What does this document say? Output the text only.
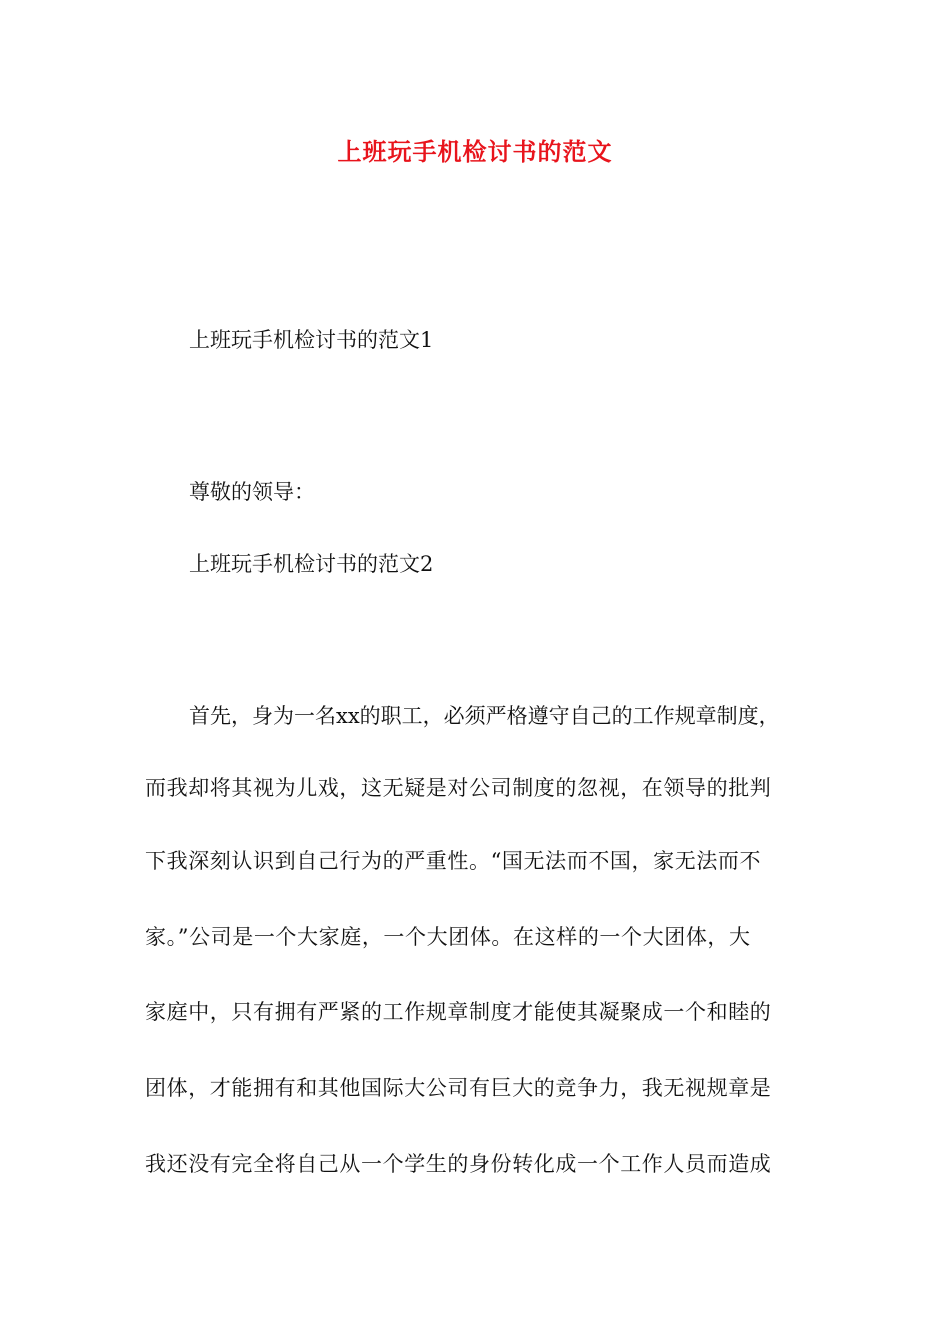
上班玩手机检讨书的范文
上班玩手机检讨书的范文1
尊敬的领导：
上班玩手机检讨书的范文2
首先，身为一名xx的职工，必须严格遵守自己的工作规章制度，
而我却将其视为儿戏，这无疑是对公司制度的忽视，在领导的批判
下我深刻认识到自己行为的严重性。“国无法而不国，家无法而不
家。”公司是一个大家庭，一个大团体。在这样的一个大团体，大
家庭中，只有拥有严紧的工作规章制度才能使其凝聚成一个和睦的
团体，才能拥有和其他国际大公司有巨大的竞争力，我无视规章是
我还没有完全将自己从一个学生的身份转化成一个工作人员而造成
